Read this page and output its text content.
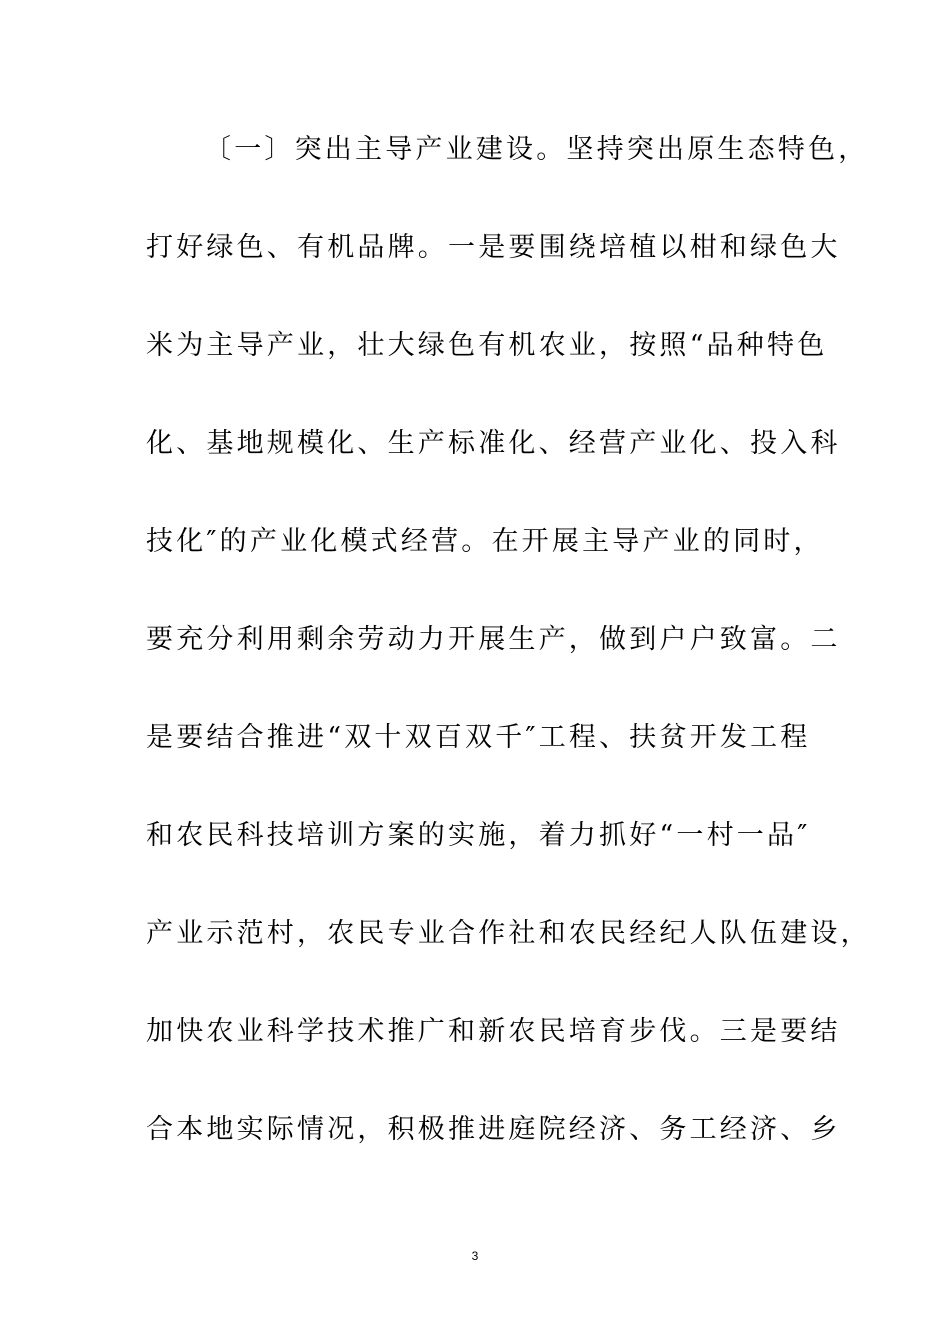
〔一〕突出主导产业建设。坚持突出原生态特色，
打好绿色、有机品牌。一是要围绕培植以柑和绿色大
米为主导产业，壮大绿色有机农业，按照“品种特色
化、基地规模化、生产标准化、经营产业化、投入科
技化″的产业化模式经营。在开展主导产业的同时，
要充分利用剩余劳动力开展生产，做到户户致富。二
是要结合推进“双十双百双千″工程、扶贫开发工程
和农民科技培训方案的实施，着力抓好“一村一品″
产业示范村，农民专业合作社和农民经纪人队伍建设，
加快农业科学技术推广和新农民培育步伐。三是要结
合本地实际情况，积极推进庭院经济、务工经济、乡
3
